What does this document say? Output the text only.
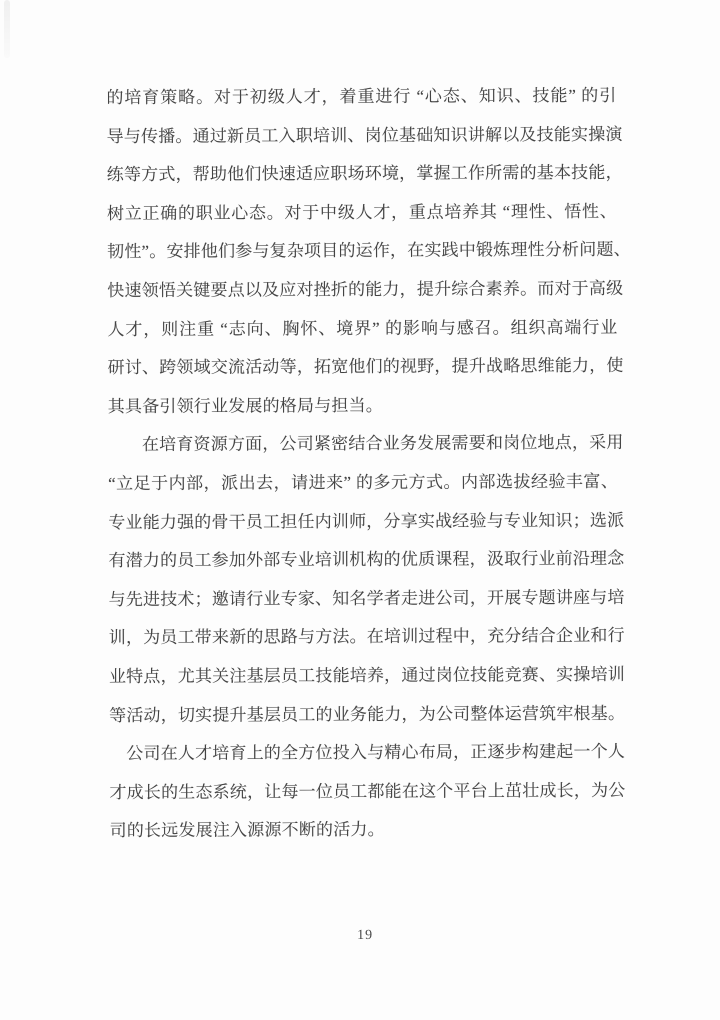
的培育策略。对于初级人才，着重进行 “心态、知识、技能” 的引
导与传播。通过新员工入职培训、岗位基础知识讲解以及技能实操演
练等方式，帮助他们快速适应职场环境，掌握工作所需的基本技能，
树立正确的职业心态。对于中级人才，重点培养其 “理性、悟性、
韧性”。安排他们参与复杂项目的运作，在实践中锻炼理性分析问题、
快速领悟关键要点以及应对挫折的能力，提升综合素养。而对于高级
人才，则注重 “志向、胸怀、境界” 的影响与感召。组织高端行业
研讨、跨领域交流活动等，拓宽他们的视野，提升战略思维能力，使
其具备引领行业发展的格局与担当。
在培育资源方面，公司紧密结合业务发展需要和岗位地点，采用
“立足于内部，派出去，请进来” 的多元方式。内部选拔经验丰富、
专业能力强的骨干员工担任内训师，分享实战经验与专业知识；选派
有潜力的员工参加外部专业培训机构的优质课程，汲取行业前沿理念
与先进技术；邀请行业专家、知名学者走进公司，开展专题讲座与培
训，为员工带来新的思路与方法。在培训过程中，充分结合企业和行
业特点，尤其关注基层员工技能培养，通过岗位技能竞赛、实操培训
等活动，切实提升基层员工的业务能力，为公司整体运营筑牢根基。
公司在人才培育上的全方位投入与精心布局，正逐步构建起一个人
才成长的生态系统，让每一位员工都能在这个平台上茁壮成长，为公
司的长远发展注入源源不断的活力。
19
